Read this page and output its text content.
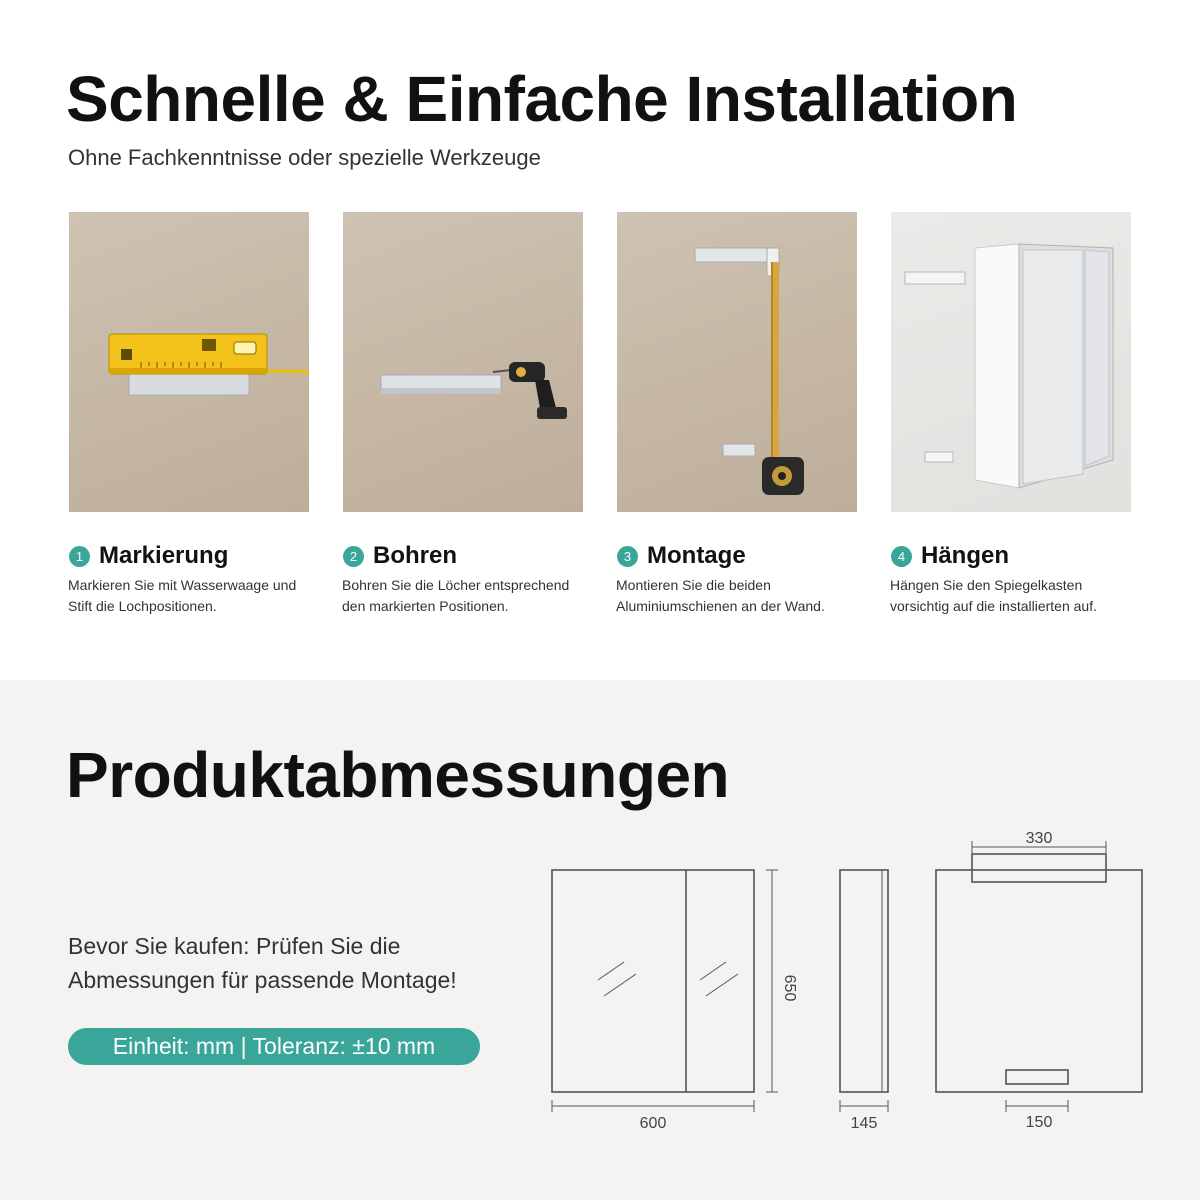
Schnelle & Einfache Installation
Ohne Fachkenntnisse oder spezielle Werkzeuge
1 Markierung
Markieren Sie mit Wasserwaage und Stift die Lochpositionen.
2 Bohren
Bohren Sie die Löcher entsprechend den markierten Positionen.
3 Montage
Montieren Sie die beiden Aluminiumschienen an der Wand.
4 Hängen
Hängen Sie den Spiegelkasten vorsichtig auf die installierten auf.
Produktabmessungen
Bevor Sie kaufen: Prüfen Sie die Abmessungen für passende Montage!
Einheit: mm | Toleranz: ±10 mm
600
650
145
330
150
